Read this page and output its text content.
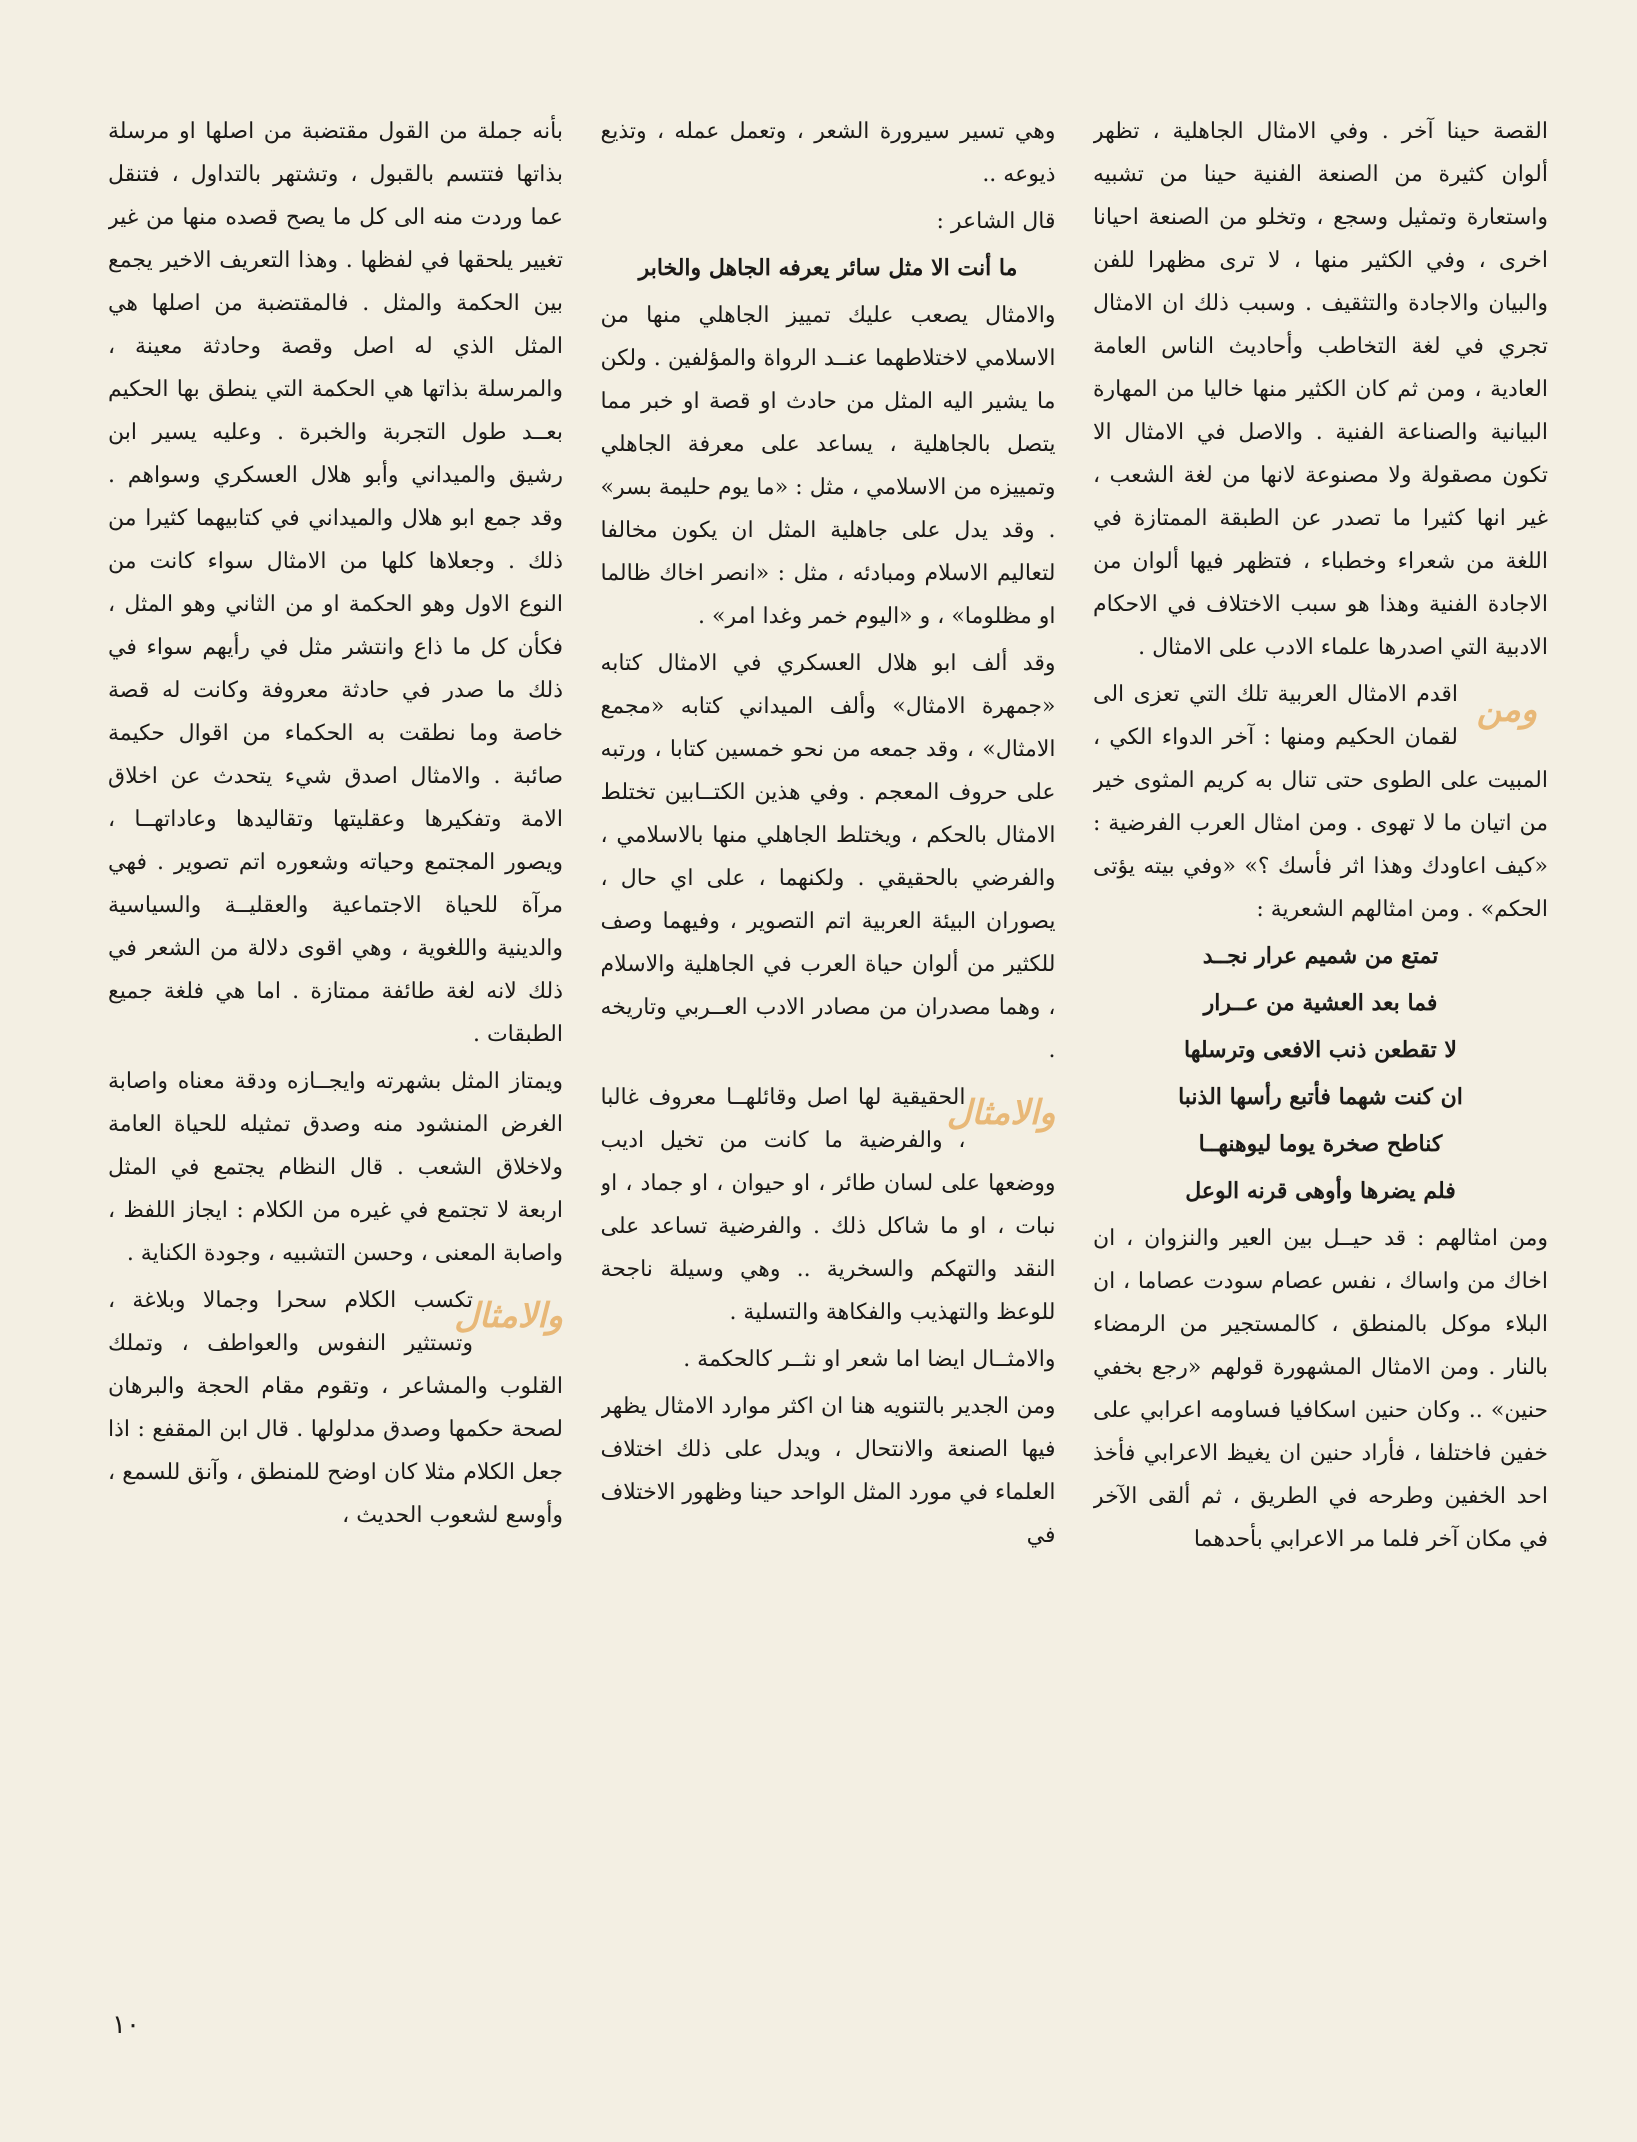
بأنه جملة من القول مقتضبة من اصلها او مرسلة بذاتها فتتسم بالقبول ، وتشتهر بالتداول ، فتنقل عما وردت منه الى كل ما يصح قصده منها من غير تغيير يلحقها في لفظها . وهذا التعريف الاخير يجمع بين الحكمة والمثل . فالمقتضبة من اصلها هي المثل الذي له اصل وقصة وحادثة معينة ، والمرسلة بذاتها هي الحكمة التي ينطق بها الحكيم بعــد طول التجربة والخبرة . وعليه يسير ابن رشيق والميداني وأبو هلال العسكري وسواهم . وقد جمع ابو هلال والميداني في كتابيهما كثيرا من ذلك . وجعلاها كلها من الامثال سواء كانت من النوع الاول وهو الحكمة او من الثاني وهو المثل ، فكأن كل ما ذاع وانتشر مثل في رأيهم سواء في ذلك ما صدر في حادثة معروفة وكانت له قصة خاصة وما نطقت به الحكماء من اقوال حكيمة صائبة . والامثال اصدق شيء يتحدث عن اخلاق الامة وتفكيرها وعقليتها وتقاليدها وعاداتهــا ، ويصور المجتمع وحياته وشعوره اتم تصوير . فهي مرآة للحياة الاجتماعية والعقليــة والسياسية والدينية واللغوية ، وهي اقوى دلالة من الشعر في ذلك لانه لغة طائفة ممتازة . اما هي فلغة جميع الطبقات .

ويمتاز المثل بشهرته وايجــازه ودقة معناه واصابة الغرض المنشود منه وصدق تمثيله للحياة العامة ولاخلاق الشعب . قال النظام يجتمع في المثل اربعة لا تجتمع في غيره من الكلام : ايجاز اللفظ ، واصابة المعنى ، وحسن التشبيه ، وجودة الكناية .

والامثال

تكسب الكلام سحرا وجمالا وبلاغة ، وتستثير النفوس والعواطف ، وتملك القلوب والمشاعر ، وتقوم مقام الحجة والبرهان لصحة حكمها وصدق مدلولها . قال ابن المقفع : اذا جعل الكلام مثلا كان اوضح للمنطق ، وآنق للسمع ، وأوسع لشعوب الحديث ،

وهي تسير سيرورة الشعر ، وتعمل عمله ، وتذيع ذيوعه ..

قال الشاعر :

ما أنت الا مثل سائر يعرفه الجاهل والخابر

والامثال يصعب عليك تمييز الجاهلي منها من الاسلامي لاختلاطهما عنــد الرواة والمؤلفين . ولكن ما يشير اليه المثل من حادث او قصة او خبر مما يتصل بالجاهلية ، يساعد على معرفة الجاهلي وتمييزه من الاسلامي ، مثل : «ما يوم حليمة بسر» . وقد يدل على جاهلية المثل ان يكون مخالفا لتعاليم الاسلام ومبادئه ، مثل : «انصر اخاك ظالما او مظلوما» ، و «اليوم خمر وغدا امر» .

وقد ألف ابو هلال العسكري في الامثال كتابه «جمهرة الامثال» وألف الميداني كتابه «مجمع الامثال» ، وقد جمعه من نحو خمسين كتابا ، ورتبه على حروف المعجم . وفي هذين الكتــابين تختلط الامثال بالحكم ، ويختلط الجاهلي منها بالاسلامي ، والفرضي بالحقيقي . ولكنهما ، على اي حال ، يصوران البيئة العربية اتم التصوير ، وفيهما وصف للكثير من ألوان حياة العرب في الجاهلية والاسلام ، وهما مصدران من مصادر الادب العــربي وتاريخه .

والامثال

الحقيقية لها اصل وقائلهــا معروف غالبا ، والفرضية ما كانت من تخيل اديب ووضعها على لسان طائر ، او حيوان ، او جماد ، او نبات ، او ما شاكل ذلك . والفرضية تساعد على النقد والتهكم والسخرية .. وهي وسيلة ناجحة للوعظ والتهذيب والفكاهة والتسلية .

والامثــال ايضا اما شعر او نثــر كالحكمة .

ومن الجدير بالتنويه هنا ان اكثر موارد الامثال يظهر فيها الصنعة والانتحال ، ويدل على ذلك اختلاف العلماء في مورد المثل الواحد حينا وظهور الاختلاف في

القصة حينا آخر . وفي الامثال الجاهلية ، تظهر ألوان كثيرة من الصنعة الفنية حينا من تشبيه واستعارة وتمثيل وسجع ، وتخلو من الصنعة احيانا اخرى ، وفي الكثير منها ، لا ترى مظهرا للفن والبيان والاجادة والتثقيف . وسبب ذلك ان الامثال تجري في لغة التخاطب وأحاديث الناس العامة العادية ، ومن ثم كان الكثير منها خاليا من المهارة البيانية والصناعة الفنية . والاصل في الامثال الا تكون مصقولة ولا مصنوعة لانها من لغة الشعب ، غير انها كثيرا ما تصدر عن الطبقة الممتازة في اللغة من شعراء وخطباء ، فتظهر فيها ألوان من الاجادة الفنية وهذا هو سبب الاختلاف في الاحكام الادبية التي اصدرها علماء الادب على الامثال .

ومن

اقدم الامثال العربية تلك التي تعزى الى لقمان الحكيم ومنها : آخر الدواء الكي ، المبيت على الطوى حتى تنال به كريم المثوى خير من اتيان ما لا تهوى . ومن امثال العرب الفرضية : «كيف اعاودك وهذا اثر فأسك ؟» «وفي بيته يؤتى الحكم» . ومن امثالهم الشعرية :

تمتع من شميم عرار نجــد

فما بعد العشية من عــرار

لا تقطعن ذنب الافعى وترسلها

ان كنت شهما فأتبع رأسها الذنبا

كناطح صخرة يوما ليوهنهــا

فلم يضرها وأوهى قرنه الوعل

ومن امثالهم : قد حيــل بين العير والنزوان ، ان اخاك من واساك ، نفس عصام سودت عصاما ، ان البلاء موكل بالمنطق ، كالمستجير من الرمضاء بالنار . ومن الامثال المشهورة قولهم «رجع بخفي حنين» .. وكان حنين اسكافيا فساومه اعرابي على خفين فاختلفا ، فأراد حنين ان يغيظ الاعرابي فأخذ احد الخفين وطرحه في الطريق ، ثم ألقى الآخر في مكان آخر فلما مر الاعرابي بأحدهما

١٠
